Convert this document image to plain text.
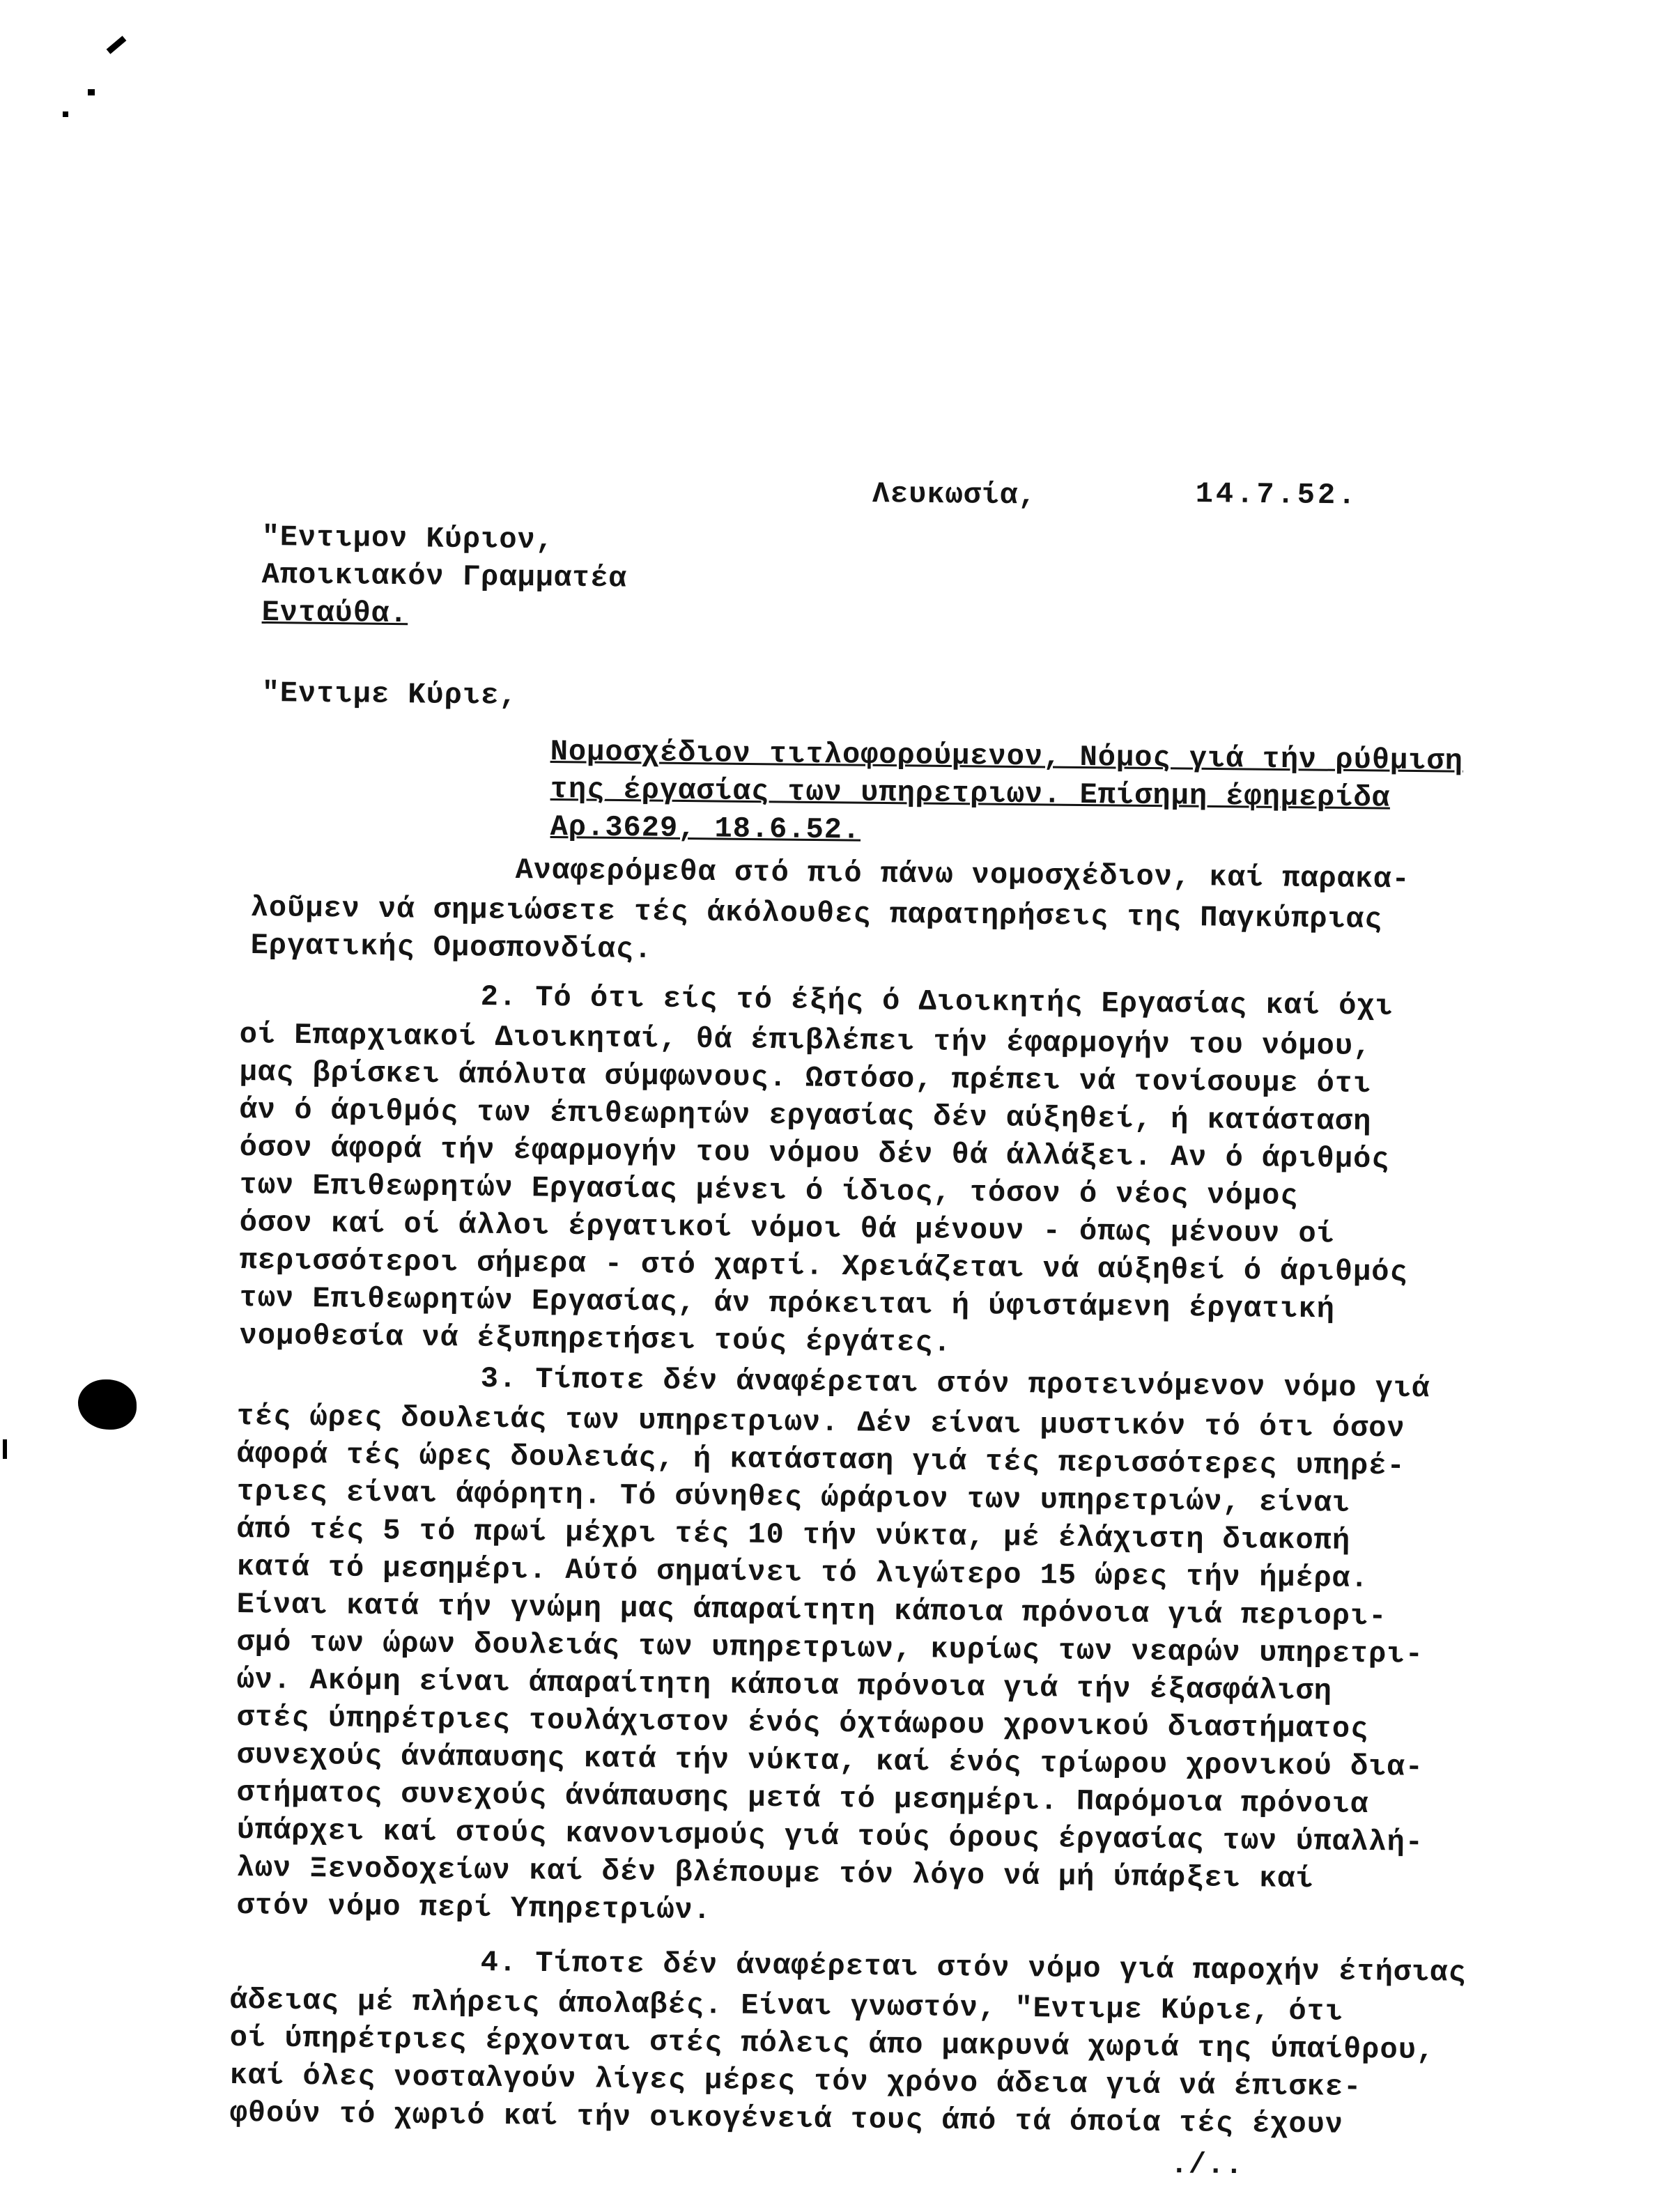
Λευκωσία,	14.7.52.
"Εντιμον Κύριον,
Αποικιακόν Γραμματέα
Ενταύθα.
"Εντιμε Κύριε,
Νομοσχέδιον τιτλοφορούμενον, Νόμος γιά τήν ρύθμιση
της έργασίας των υπηρετριων. Επίσημη έφημερίδα
Αρ.3629, 18.6.52.
Αναφερόμεθα στό πιό πάνω νομοσχέδιον, καί παρακα-
λοῦμεν νά σημειώσετε τές άκόλουθες παρατηρήσεις της Παγκύπριας
Εργατικής Ομοσπονδίας.
2. Τό ότι είς τό έξής ό Διοικητής Εργασίας καί όχι
οί Επαρχιακοί Διοικηταί, θά έπιβλέπει τήν έφαρμογήν του νόμου,
μας βρίσκει άπόλυτα σύμφωνους. Ωστόσο, πρέπει νά τονίσουμε ότι
άν ό άριθμός των έπιθεωρητών εργασίας δέν αύξηθεί, ή κατάσταση
όσον άφορά τήν έφαρμογήν του νόμου δέν θά άλλάξει. Αν ό άριθμός
των Επιθεωρητών Εργασίας μένει ό ίδιος, τόσον ό νέος νόμος
όσον καί οί άλλοι έργατικοί νόμοι θά μένουν - όπως μένουν οί
περισσότεροι σήμερα - στό χαρτί. Χρειάζεται νά αύξηθεί ό άριθμός
των Επιθεωρητών Εργασίας, άν πρόκειται ή ύφιστάμενη έργατική
νομοθεσία νά έξυπηρετήσει τούς έργάτες.
3. Τίποτε δέν άναφέρεται στόν προτεινόμενον νόμο γιά
τές ώρες δουλειάς των υπηρετριων. Δέν είναι μυστικόν τό ότι όσον
άφορά τές ώρες δουλειάς, ή κατάσταση γιά τές περισσότερες υπηρέ-
τριες είναι άφόρητη. Τό σύνηθες ώράριον των υπηρετριών, είναι
άπό τές 5 τό πρωί μέχρι τές 10 τήν νύκτα, μέ έλάχιστη διακοπή
κατά τό μεσημέρι. Αύτό σημαίνει τό λιγώτερο 15 ώρες τήν ήμέρα.
Είναι κατά τήν γνώμη μας άπαραίτητη κάποια πρόνοια γιά περιορι-
σμό των ώρων δουλειάς των υπηρετριων, κυρίως των νεαρών υπηρετρι-
ών. Ακόμη είναι άπαραίτητη κάποια πρόνοια γιά τήν έξασφάλιση
στές ύπηρέτριες τουλάχιστον ένός όχτάωρου χρονικού διαστήματος
συνεχούς άνάπαυσης κατά τήν νύκτα, καί ένός τρίωρου χρονικού δια-
στήματος συνεχούς άνάπαυσης μετά τό μεσημέρι. Παρόμοια πρόνοια
ύπάρχει καί στούς κανονισμούς γιά τούς όρους έργασίας των ύπαλλή-
λων Ξενοδοχείων καί δέν βλέπουμε τόν λόγο νά μή ύπάρξει καί
στόν νόμο περί Υπηρετριών.
4. Τίποτε δέν άναφέρεται στόν νόμο γιά παροχήν έτήσιας
άδειας μέ πλήρεις άπολαβές. Είναι γνωστόν, "Εντιμε Κύριε, ότι
οί ύπηρέτριες έρχονται στές πόλεις άπο μακρυνά χωριά της ύπαίθρου,
καί όλες νοσταλγούν λίγες μέρες τόν χρόνο άδεια γιά νά έπισκε-
φθούν τό χωριό καί τήν οικογένειά τους άπό τά όποία τές έχουν
./..
